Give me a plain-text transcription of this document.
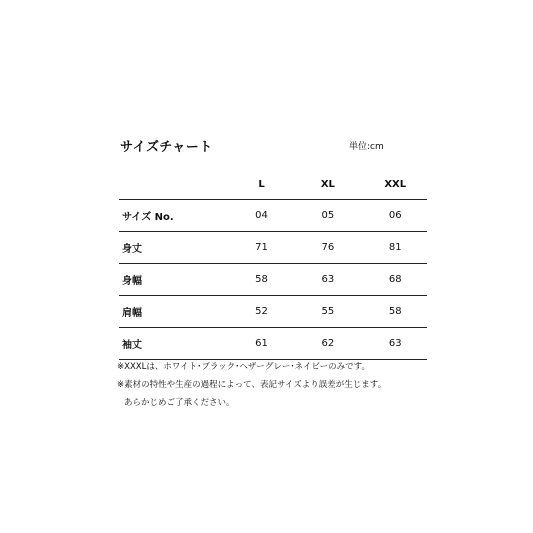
サイズチャート	単位:cm
	L	XL	XXL
サイズ No.	04	05	06
身丈	71	76	81
身幅	58	63	68
肩幅	52	55	58
袖丈	61	62	63
※XXXLは、ホワイト･ブラック･ヘザーグレー･ネイビーのみです。
※素材の特性や生産の過程によって、表記サイズより誤差が生じます。
あらかじめご了承ください。
